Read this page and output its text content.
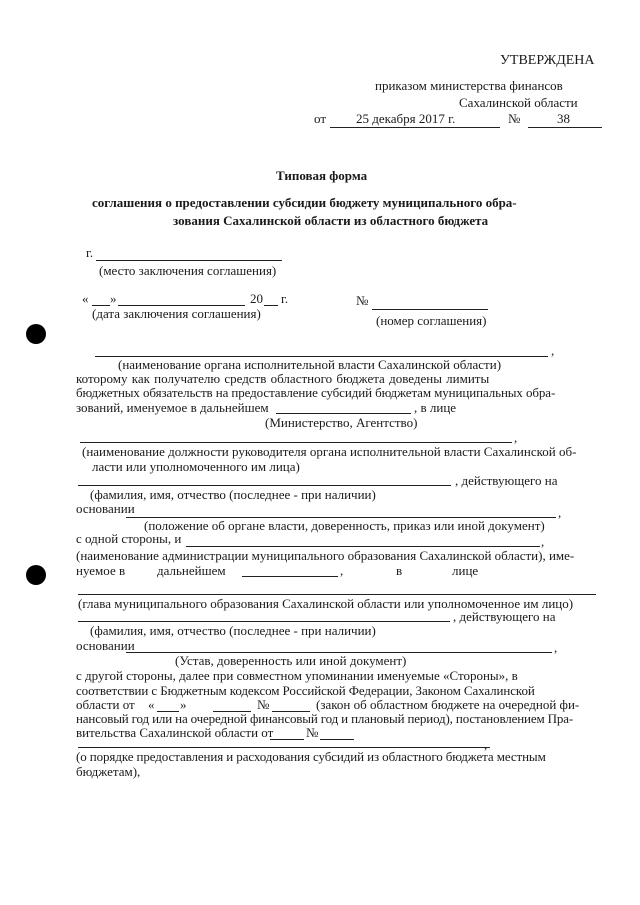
УТВЕРЖДЕНА
приказом министерства финансов
Сахалинской области
от 25 декабря 2017 г.	№	38
Типовая форма
соглашения о предоставлении субсидии бюджету муниципального обра-
зования Сахалинской области из областного бюджета
г.
(место заключения соглашения)
« »	20 г.
(дата заключения соглашения)
№
(номер соглашения)
,
(наименование органа исполнительной власти Сахалинской области)
которому как получателю средств областного бюджета доведены лимиты
бюджетных обязательств на предоставление субсидий бюджетам муниципальных обра-
зований, именуемое в дальнейшем	, в лице
(Министерство, Агентство)
,
(наименование должности руководителя органа исполнительной власти Сахалинской об-
ласти или уполномоченного им лица)
, действующего на
(фамилия, имя, отчество (последнее - при наличии)
основании	,
(положение об органе власти, доверенность, приказ или иной документ)
с одной стороны, и	,
(наименование администрации муниципального образования Сахалинской области), име-
нуемое в дальнейшем	,	в	лице
(глава муниципального образования Сахалинской области или уполномоченное им лицо)
, действующего на
(фамилия, имя, отчество (последнее - при наличии)
основании	,
(Устав, доверенность или иной документ)
с другой стороны, далее при совместном упоминании именуемые «Стороны», в
соответствии с Бюджетным кодексом Российской Федерации, Законом Сахалинской
области от « »	№	(закон об областном бюджете на очередной фи-
нансовый год или на очередной финансовый год и плановый период), постановлением Пра-
вительства Сахалинской области от	№
,
(о порядке предоставления и расходования субсидий из областного бюджета местным
бюджетам),
